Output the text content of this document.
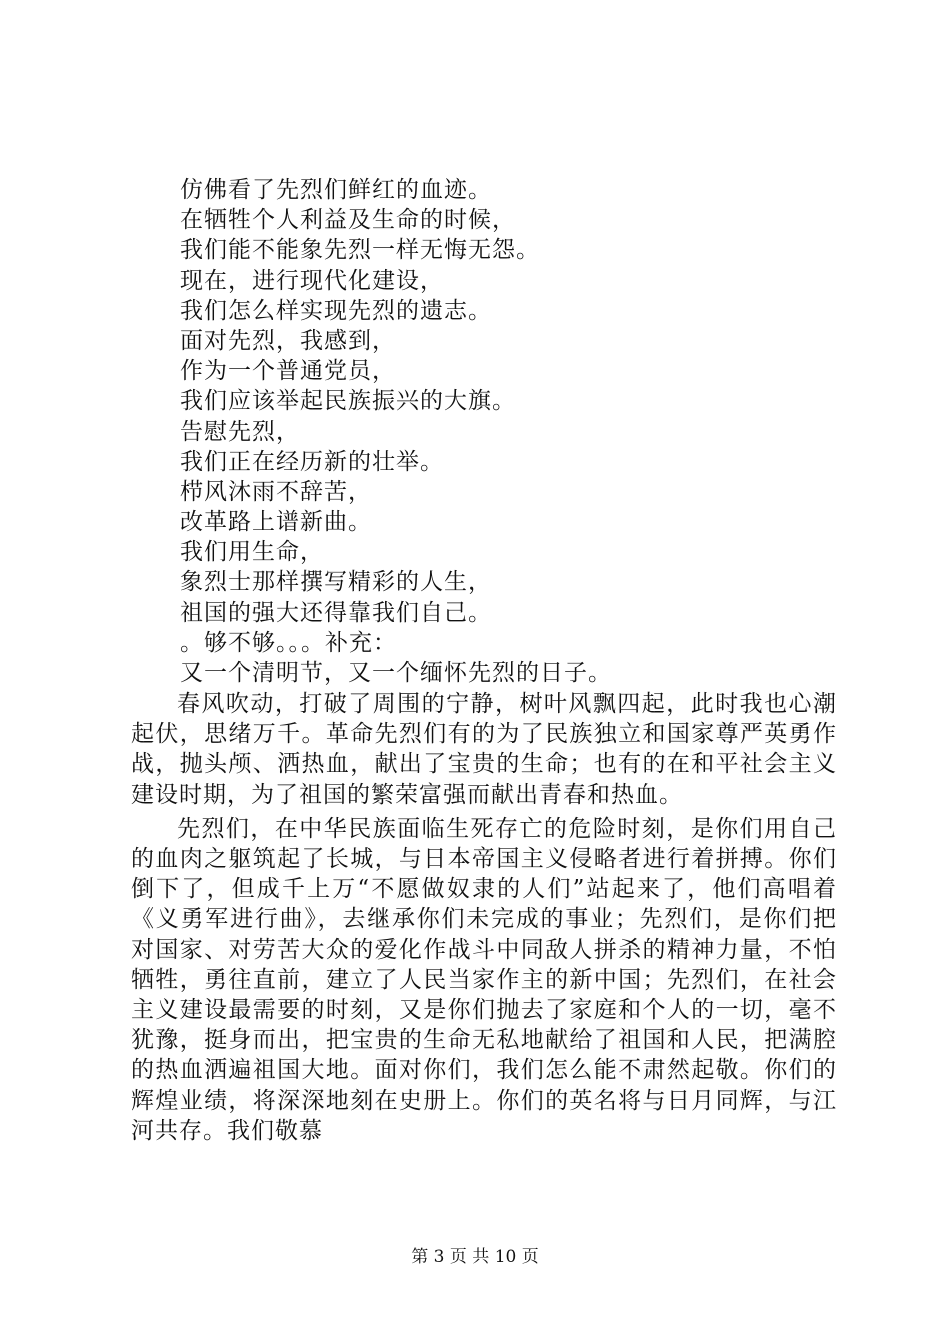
仿佛看了先烈们鲜红的血迹。
在牺牲个人利益及生命的时候，
我们能不能象先烈一样无悔无怨。
现在，进行现代化建设，
我们怎么样实现先烈的遗志。
面对先烈，我感到，
作为一个普通党员，
我们应该举起民族振兴的大旗。
告慰先烈，
我们正在经历新的壮举。
栉风沐雨不辞苦，
改革路上谱新曲。
我们用生命，
象烈士那样撰写精彩的人生，
祖国的强大还得靠我们自己。
。够不够。。。补充：
又一个清明节，又一个缅怀先烈的日子。

春风吹动，打破了周围的宁静，树叶风飘四起，此时我也心潮起伏，思绪万千。革命先烈们有的为了民族独立和国家尊严英勇作战，抛头颅、洒热血，献出了宝贵的生命；也有的在和平社会主义建设时期，为了祖国的繁荣富强而献出青春和热血。

先烈们，在中华民族面临生死存亡的危险时刻，是你们用自己的血肉之躯筑起了长城，与日本帝国主义侵略者进行着拼搏。你们倒下了，但成千上万“不愿做奴隶的人们”站起来了，他们高唱着《义勇军进行曲》，去继承你们未完成的事业；先烈们，是你们把对国家、对劳苦大众的爱化作战斗中同敌人拼杀的精神力量，不怕牺牲，勇往直前，建立了人民当家作主的新中国；先烈们，在社会主义建设最需要的时刻，又是你们抛去了家庭和个人的一切，毫不犹豫，挺身而出，把宝贵的生命无私地献给了祖国和人民，把满腔的热血洒遍祖国大地。面对你们，我们怎么能不肃然起敬。你们的辉煌业绩，将深深地刻在史册上。你们的英名将与日月同辉，与江河共存。我们敬慕

第 3 页 共 10 页
